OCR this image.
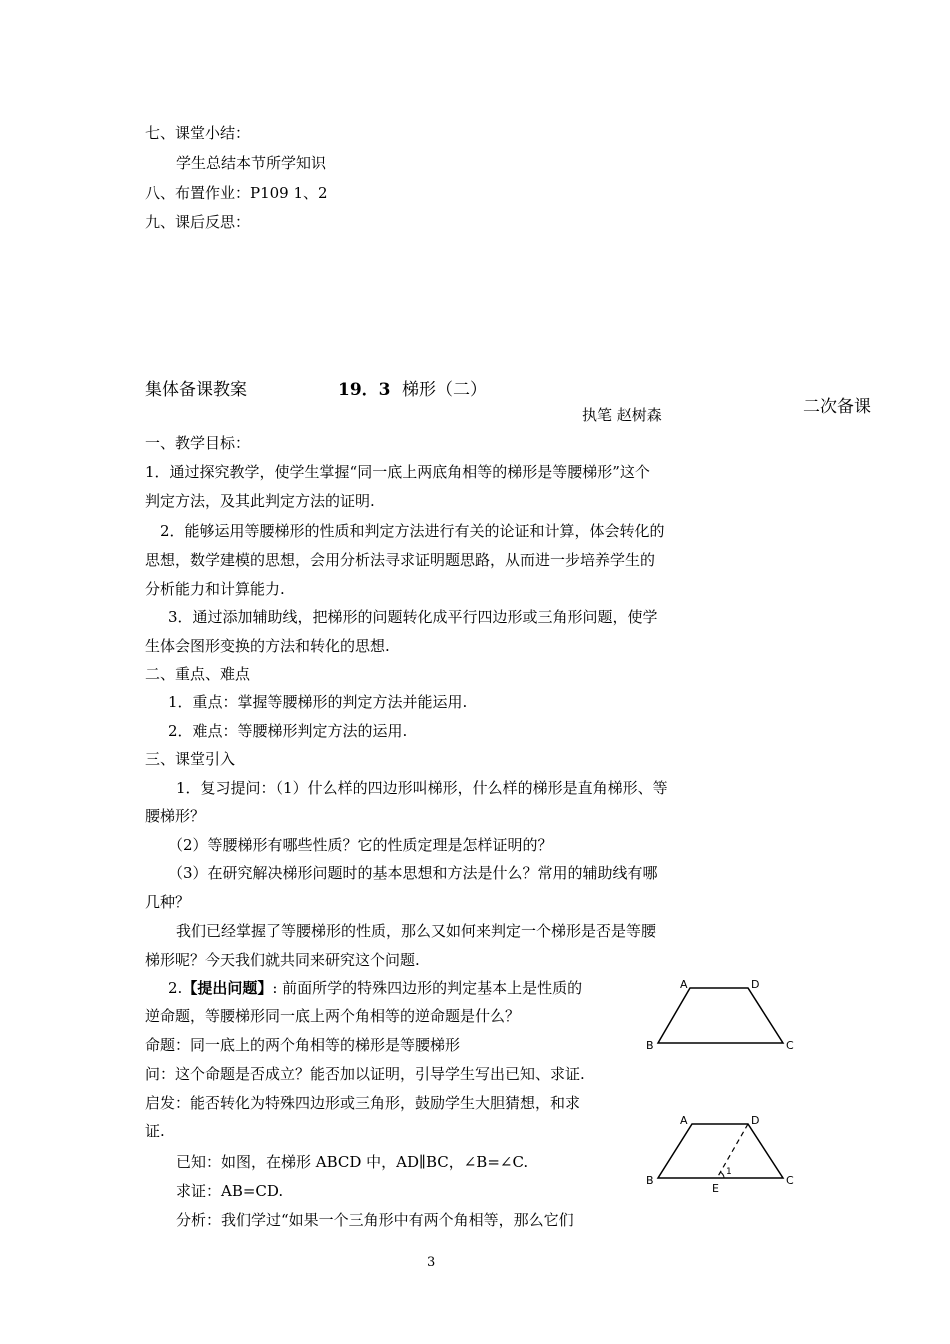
七、课堂小结：
学生总结本节所学知识
八、布置作业：P109 1、2
九、课后反思：
集体备课教案	19．3 梯形（二）
执笔 赵树森	二次备课
一、教学目标：
1．通过探究教学，使学生掌握“同一底上两底角相等的梯形是等腰梯形”这个
判定方法，及其此判定方法的证明.
2．能够运用等腰梯形的性质和判定方法进行有关的论证和计算，体会转化的
思想，数学建模的思想，会用分析法寻求证明题思路，从而进一步培养学生的
分析能力和计算能力.
3．通过添加辅助线，把梯形的问题转化成平行四边形或三角形问题，使学
生体会图形变换的方法和转化的思想.
二、重点、难点
1．重点：掌握等腰梯形的判定方法并能运用.
2．难点：等腰梯形判定方法的运用.
三、课堂引入
1．复习提问：（1）什么样的四边形叫梯形，什么样的梯形是直角梯形、等
腰梯形？
（2）等腰梯形有哪些性质？它的性质定理是怎样证明的？
（3）在研究解决梯形问题时的基本思想和方法是什么？常用的辅助线有哪
几种？
我们已经掌握了等腰梯形的性质，那么又如何来判定一个梯形是否是等腰
梯形呢？今天我们就共同来研究这个问题.
2.【提出问题】: 前面所学的特殊四边形的判定基本上是性质的
逆命题，等腰梯形同一底上两个角相等的逆命题是什么？
命题：同一底上的两个角相等的梯形是等腰梯形
问：这个命题是否成立？能否加以证明，引导学生写出已知、求证.
启发：能否转化为特殊四边形或三角形，鼓励学生大胆猜想，和求
证.
已知：如图，在梯形 ABCD 中，AD∥BC，∠B=∠C.
求证：AB=CD.
分析：我们学过“如果一个三角形中有两个角相等，那么它们
A	D
B	C
A	D
B
E
C
1
3
